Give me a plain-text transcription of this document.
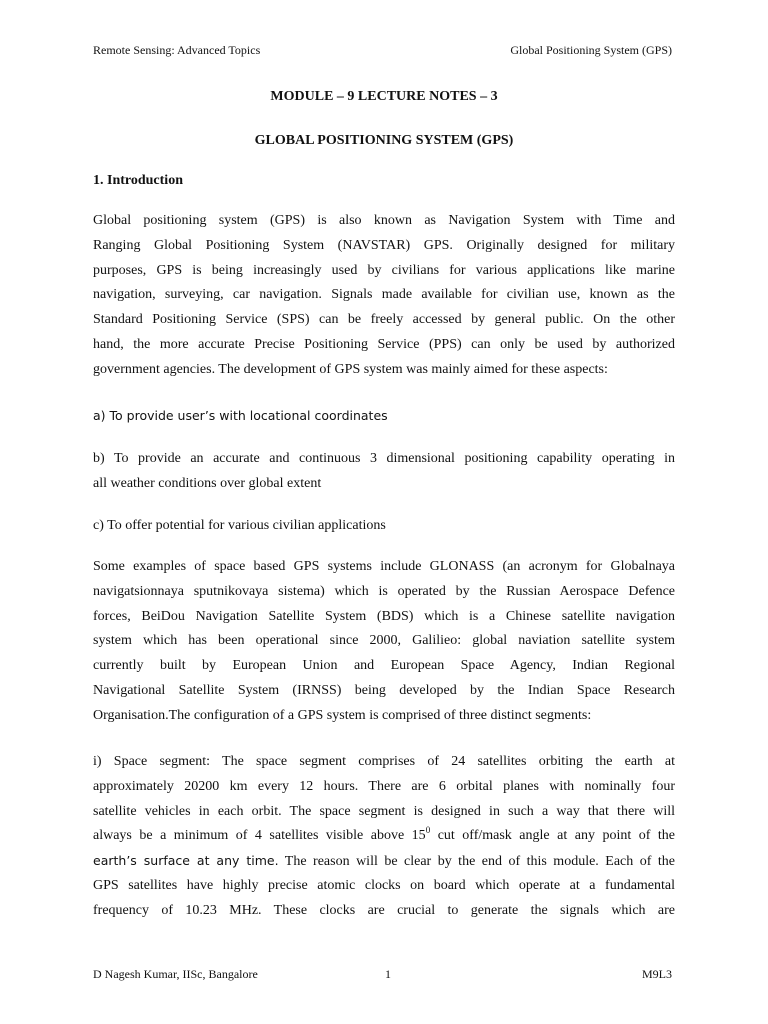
Remote Sensing: Advanced Topics	Global Positioning System (GPS)
MODULE – 9 LECTURE NOTES – 3
GLOBAL POSITIONING SYSTEM (GPS)
1. Introduction
Global positioning system (GPS) is also known as Navigation System with Time and
Ranging Global Positioning System (NAVSTAR) GPS. Originally designed for military
purposes, GPS is being increasingly used by civilians for various applications like marine
navigation, surveying, car navigation. Signals made available for civilian use, known as the
Standard Positioning Service (SPS) can be freely accessed by general public. On the other
hand, the more accurate Precise Positioning Service (PPS) can only be used by authorized
government agencies. The development of GPS system was mainly aimed for these aspects:
a) To provide user’s with locational coordinates
b) To provide an accurate and continuous 3 dimensional positioning capability operating in
all weather conditions over global extent
c) To offer potential for various civilian applications
Some examples of space based GPS systems include GLONASS (an acronym for Globalnaya
navigatsionnaya sputnikovaya sistema) which is operated by the Russian Aerospace Defence
forces, BeiDou Navigation Satellite System (BDS) which is a Chinese satellite navigation
system which has been operational since 2000, Galilieo: global naviation satellite system
currently built by European Union and European Space Agency, Indian Regional
Navigational Satellite System (IRNSS) being developed by the Indian Space Research
Organisation.The configuration of a GPS system is comprised of three distinct segments:
i) Space segment: The space segment comprises of 24 satellites orbiting the earth at
approximately 20200 km every 12 hours. There are 6 orbital planes with nominally four
satellite vehicles in each orbit. The space segment is designed in such a way that there will
always be a minimum of 4 satellites visible above $15^0$ cut off/mask angle at any point of the
earth’s surface at any time. The reason will be clear by the end of this module. Each of the
GPS satellites have highly precise atomic clocks on board which operate at a fundamental
frequency of 10.23 MHz. These clocks are crucial to generate the signals which are
D Nagesh Kumar, IISc, Bangalore	1	M9L3
